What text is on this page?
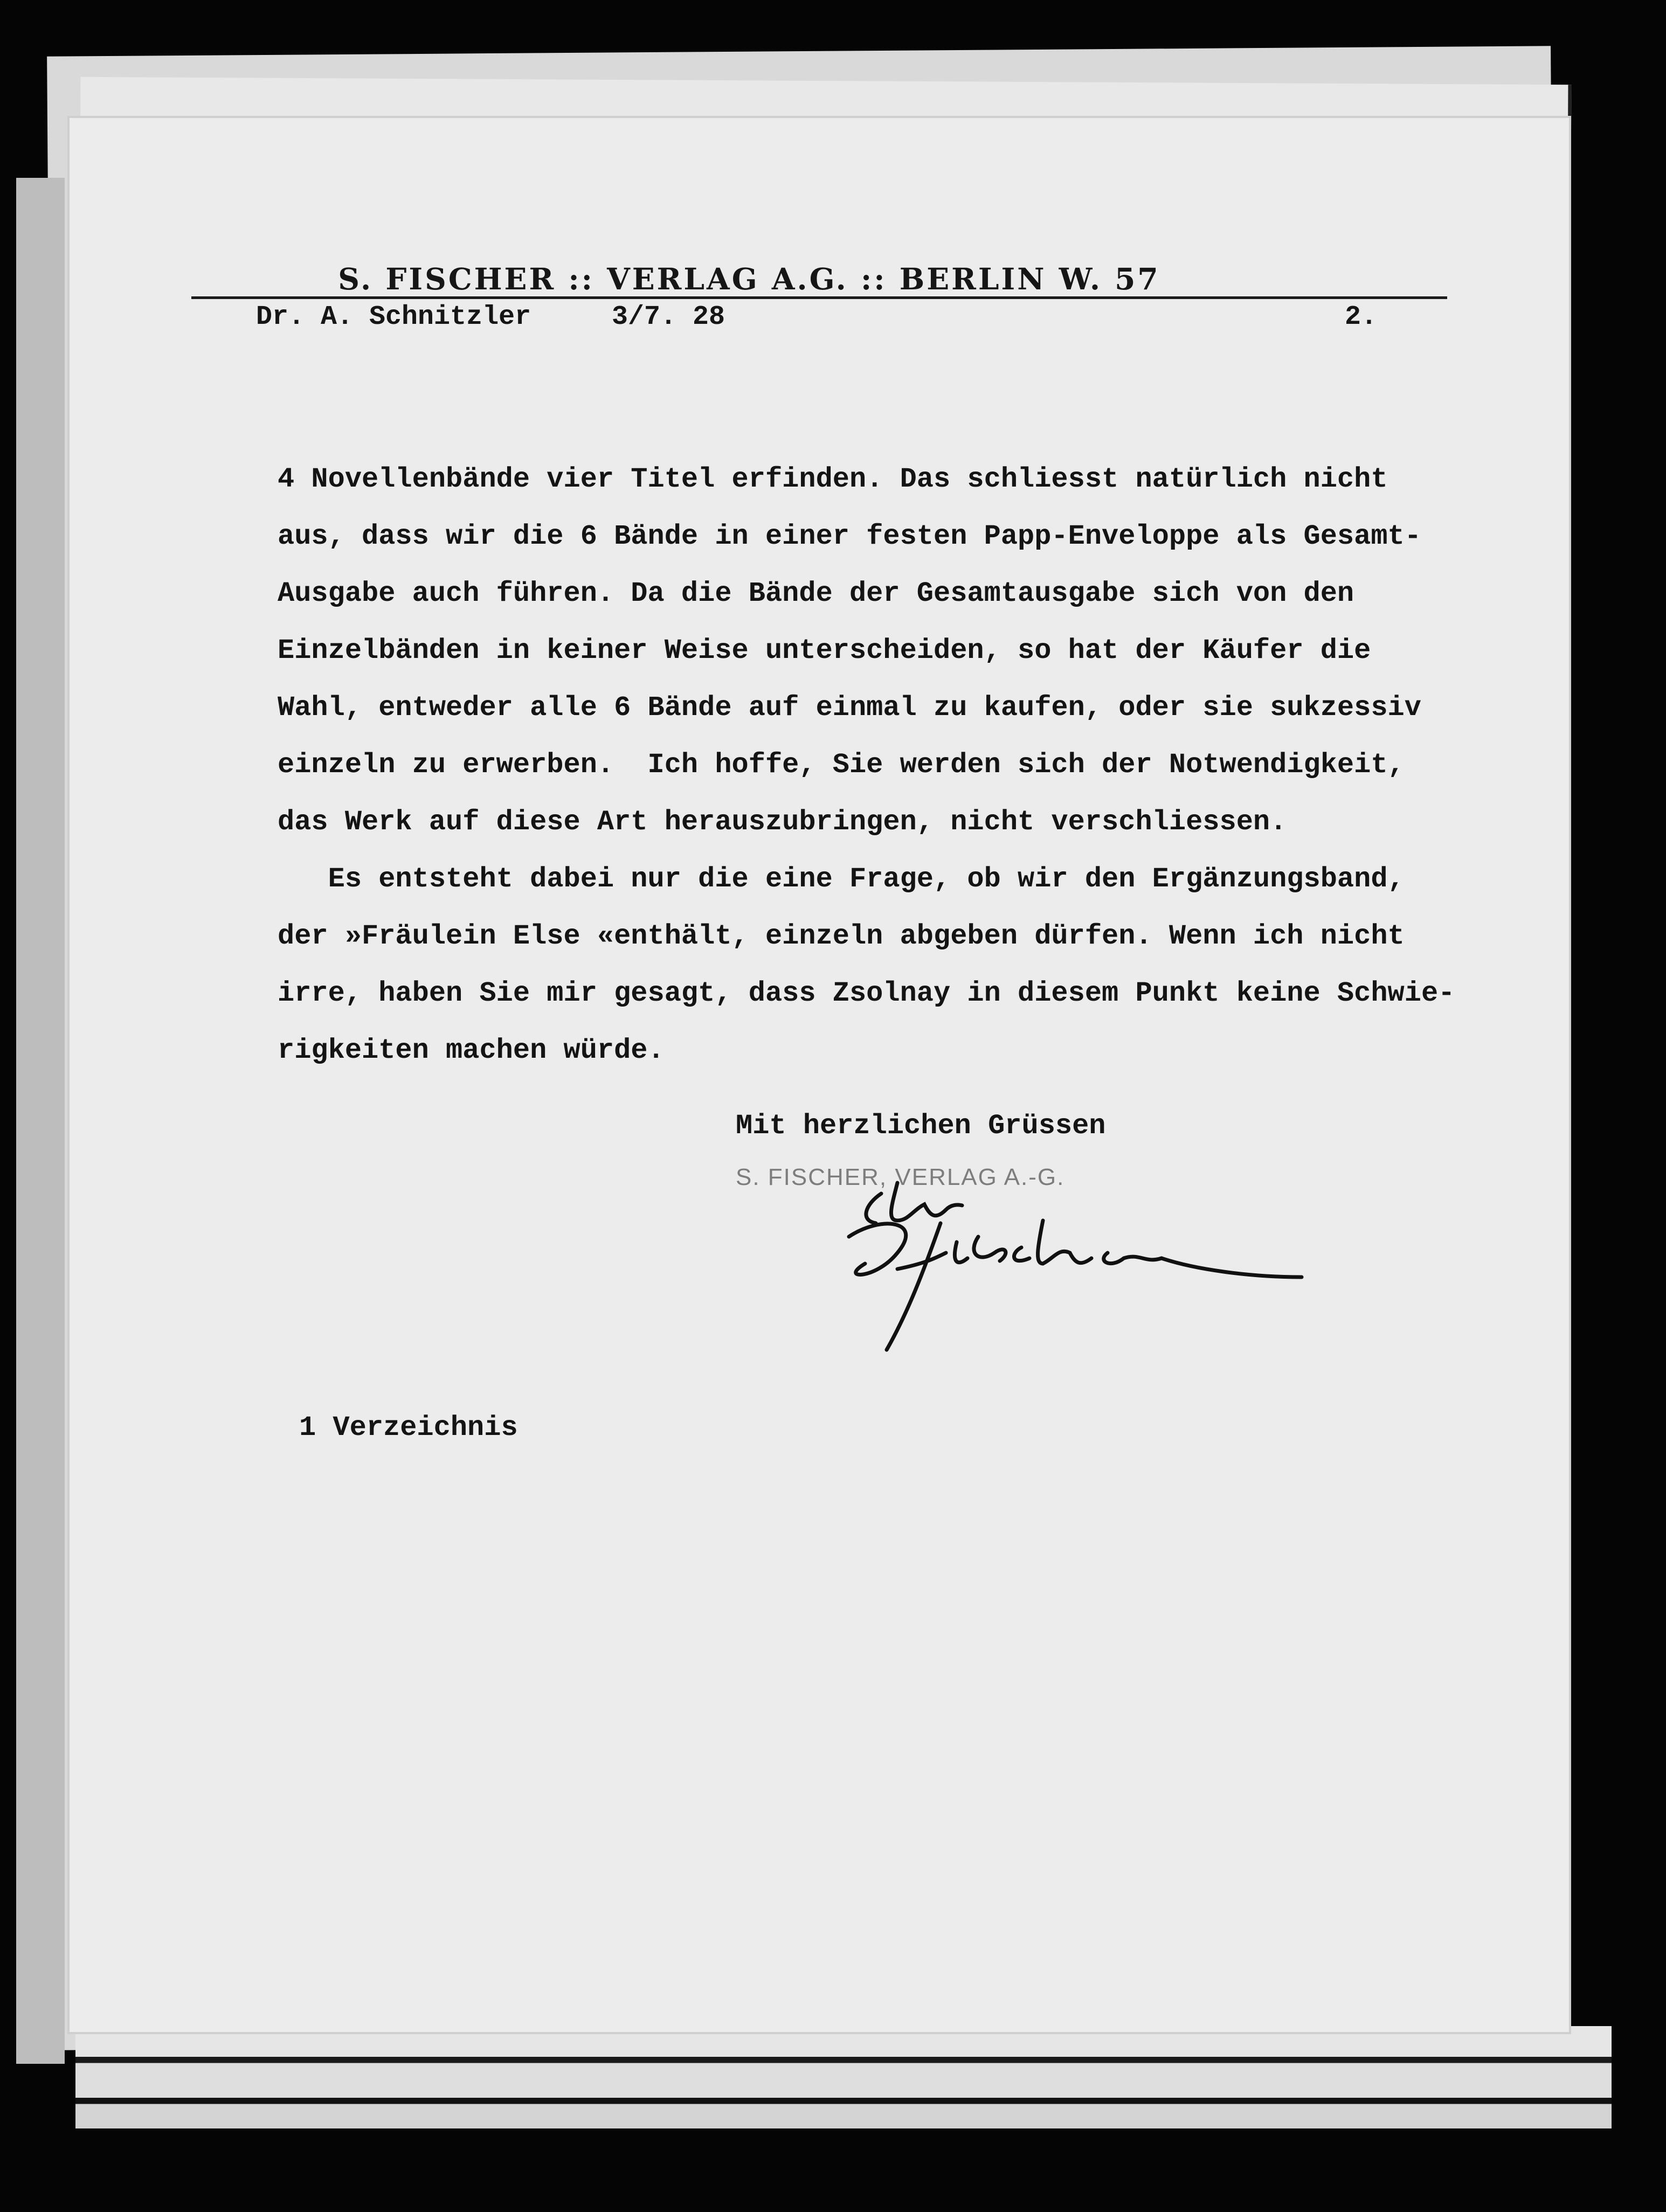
S. FISCHER :: VERLAG A.G. :: BERLIN W. 57
Dr. A. Schnitzler	3/7. 28	2.
4 Novellenbände vier Titel erfinden. Das schliesst natürlich nicht
aus, dass wir die 6 Bände in einer festen Papp-Enveloppe als Gesamt-
Ausgabe auch führen. Da die Bände der Gesamtausgabe sich von den
Einzelbänden in keiner Weise unterscheiden, so hat der Käufer die
Wahl, entweder alle 6 Bände auf einmal zu kaufen, oder sie sukzessiv
einzeln zu erwerben.  Ich hoffe, Sie werden sich der Notwendigkeit,
das Werk auf diese Art herauszubringen, nicht verschliessen.
Es entsteht dabei nur die eine Frage, ob wir den Ergänzungsband,
der »Fräulein Else «enthält, einzeln abgeben dürfen. Wenn ich nicht
irre, haben Sie mir gesagt, dass Zsolnay in diesem Punkt keine Schwie-
rigkeiten machen würde.
Mit herzlichen Grüssen
S. FISCHER, VERLAG A.-G.
1 Verzeichnis
